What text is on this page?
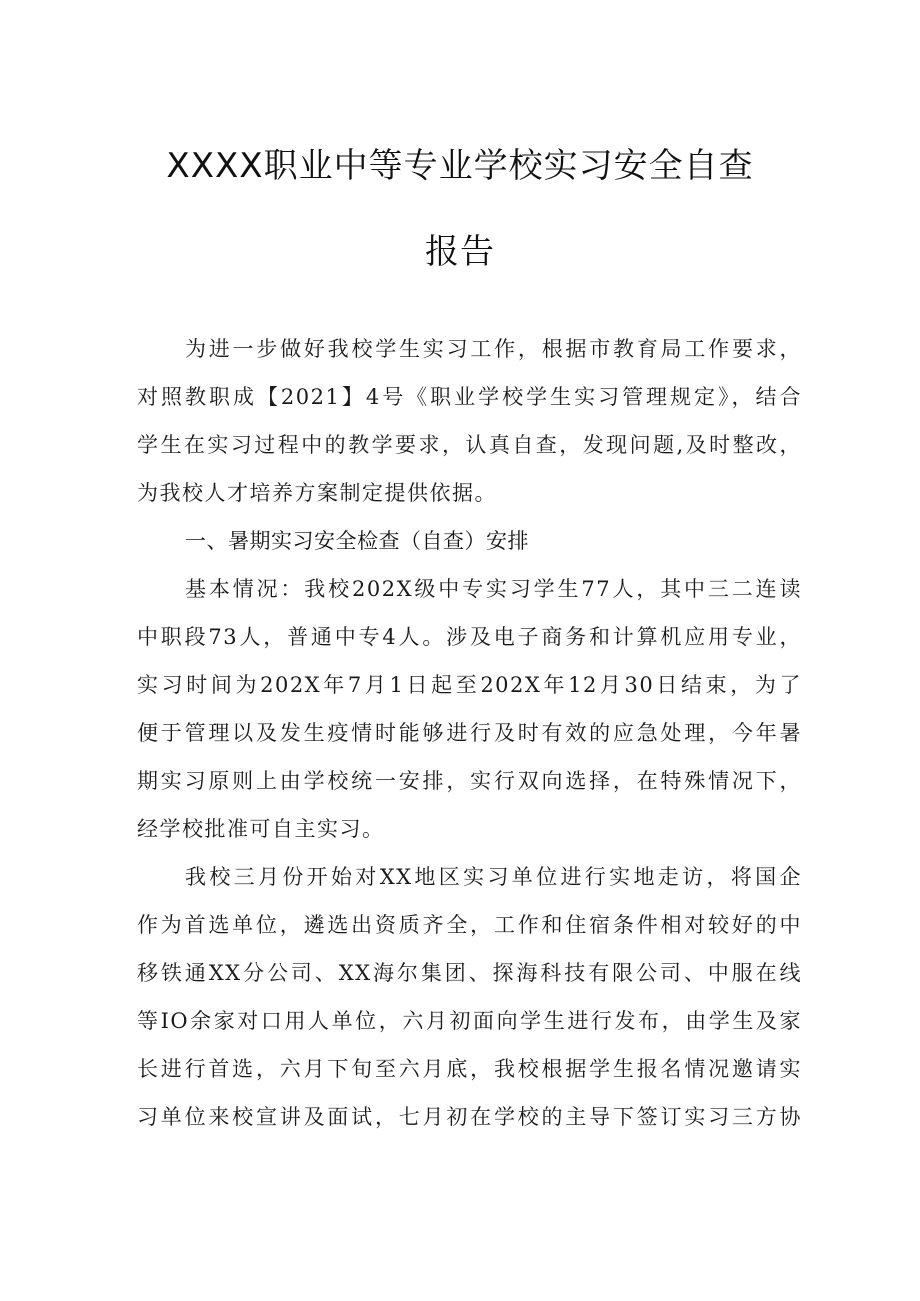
XXXX职业中等专业学校实习安全自查
报告

为进一步做好我校学生实习工作，根据市教育局工作要求，

对照教职成【2021】4号《职业学校学生实习管理规定》，结合

学生在实习过程中的教学要求，认真自查，发现问题,及时整改，

为我校人才培养方案制定提供依据。

一、暑期实习安全检查（自查）安排

基本情况：我校202X级中专实习学生77人，其中三二连读

中职段73人，普通中专4人。涉及电子商务和计算机应用专业，

实习时间为202X年7月1日起至202X年12月30日结束，为了

便于管理以及发生疫情时能够进行及时有效的应急处理，今年暑

期实习原则上由学校统一安排，实行双向选择，在特殊情况下，

经学校批准可自主实习。

我校三月份开始对XX地区实习单位进行实地走访，将国企

作为首选单位，遴选出资质齐全，工作和住宿条件相对较好的中

移铁通XX分公司、XX海尔集团、探海科技有限公司、中服在线

等IO余家对口用人单位，六月初面向学生进行发布，由学生及家

长进行首选，六月下旬至六月底，我校根据学生报名情况邀请实

习单位来校宣讲及面试，七月初在学校的主导下签订实习三方协
